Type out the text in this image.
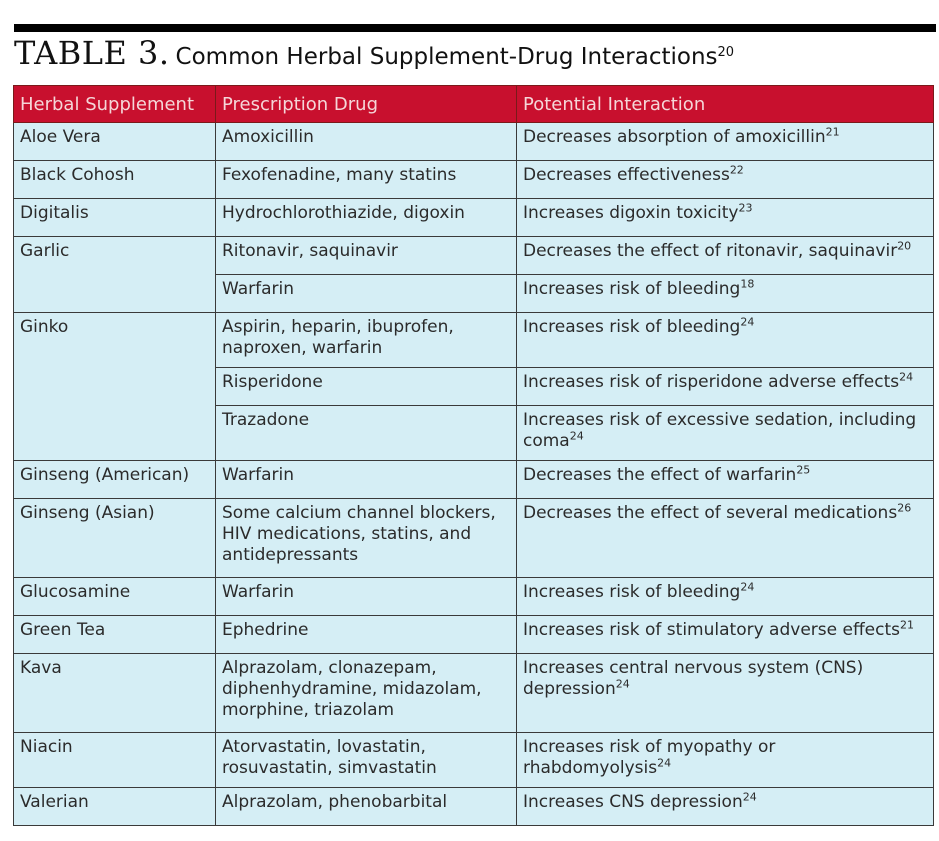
TABLE 3. Common Herbal Supplement-Drug Interactions$^{20}$
Herbal Supplement	Prescription Drug	Potential Interaction
Aloe Vera	Amoxicillin	Decreases absorption of amoxicillin$^{21}$
Black Cohosh	Fexofenadine, many statins	Decreases effectiveness$^{22}$
Digitalis	Hydrochlorothiazide, digoxin	Increases digoxin toxicity$^{23}$
Garlic	Ritonavir, saquinavir	Decreases the effect of ritonavir, saquinavir$^{20}$
	Warfarin	Increases risk of bleeding$^{18}$
Ginko	Aspirin, heparin, ibuprofen, naproxen, warfarin	Increases risk of bleeding$^{24}$
	Risperidone	Increases risk of risperidone adverse effects$^{24}$
	Trazadone	Increases risk of excessive sedation, including coma$^{24}$
Ginseng (American)	Warfarin	Decreases the effect of warfarin$^{25}$
Ginseng (Asian)	Some calcium channel blockers, HIV medications, statins, and antidepressants	Decreases the effect of several medications$^{26}$
Glucosamine	Warfarin	Increases risk of bleeding$^{24}$
Green Tea	Ephedrine	Increases risk of stimulatory adverse effects$^{21}$
Kava	Alprazolam, clonazepam, diphenhydramine, midazolam, morphine, triazolam	Increases central nervous system (CNS) depression$^{24}$
Niacin	Atorvastatin, lovastatin, rosuvastatin, simvastatin	Increases risk of myopathy or rhabdomyolysis$^{24}$
Valerian	Alprazolam, phenobarbital	Increases CNS depression$^{24}$
